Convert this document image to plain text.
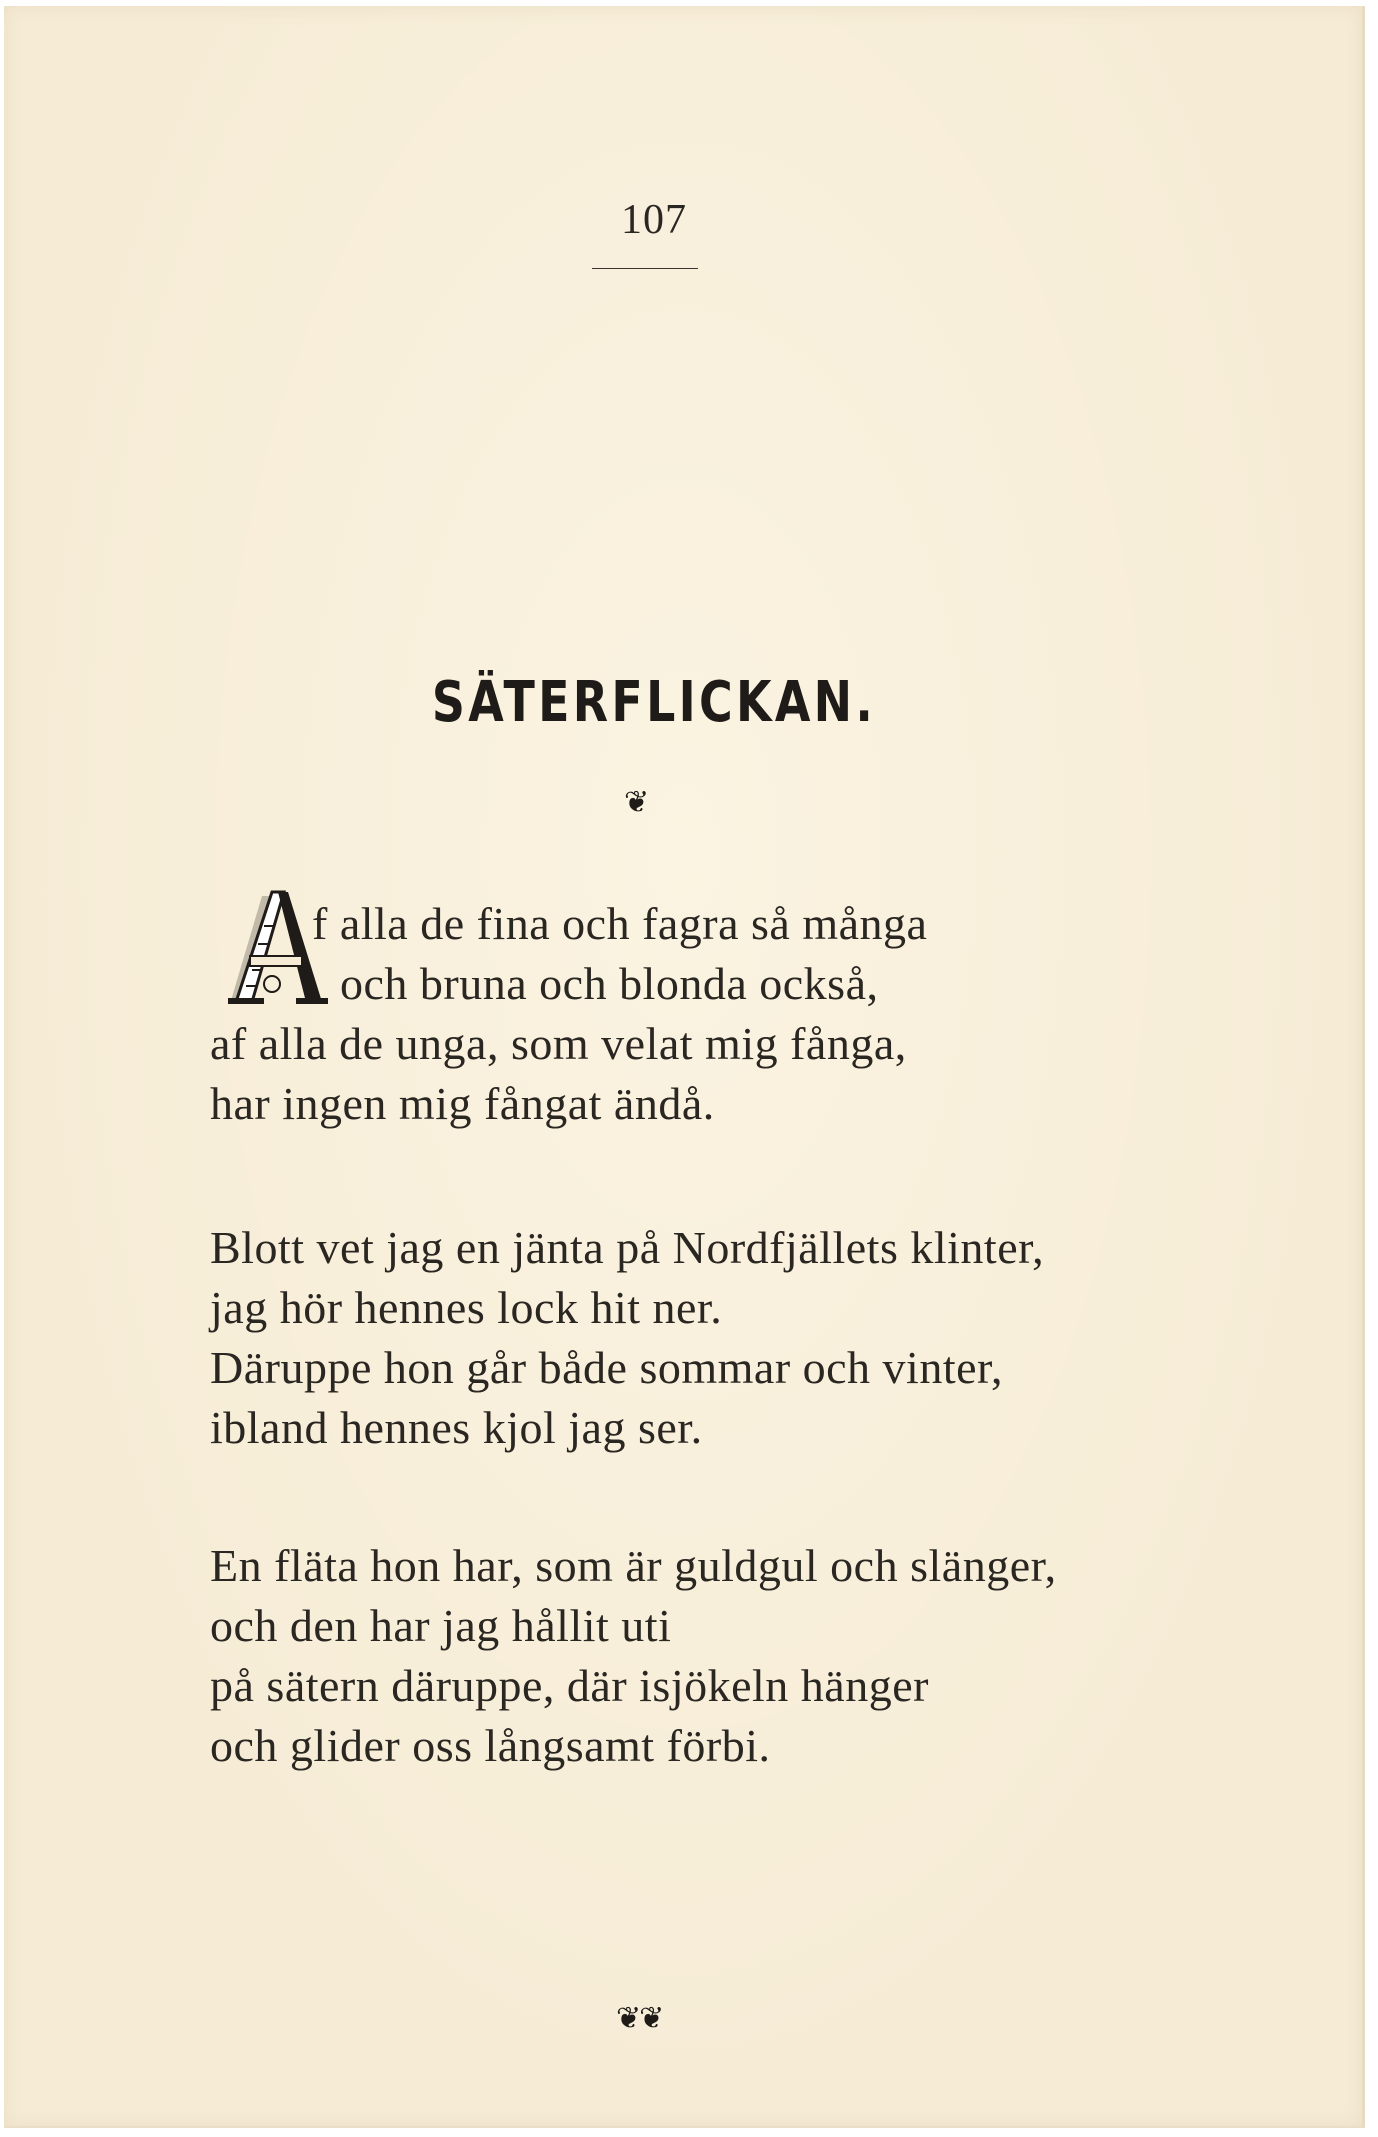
107
SÄTERFLICKAN.
❦
f alla de fina och fagra så många
och bruna och blonda också,
af alla de unga, som velat mig fånga,
har ingen mig fångat ändå.
Blott vet jag en jänta på Nordfjällets klinter,
jag hör hennes lock hit ner.
Däruppe hon går både sommar och vinter,
ibland hennes kjol jag ser.
En fläta hon har, som är guldgul och slänger,
och den har jag hållit uti
på sätern däruppe, där isjökeln hänger
och glider oss långsamt förbi.
❦❦
